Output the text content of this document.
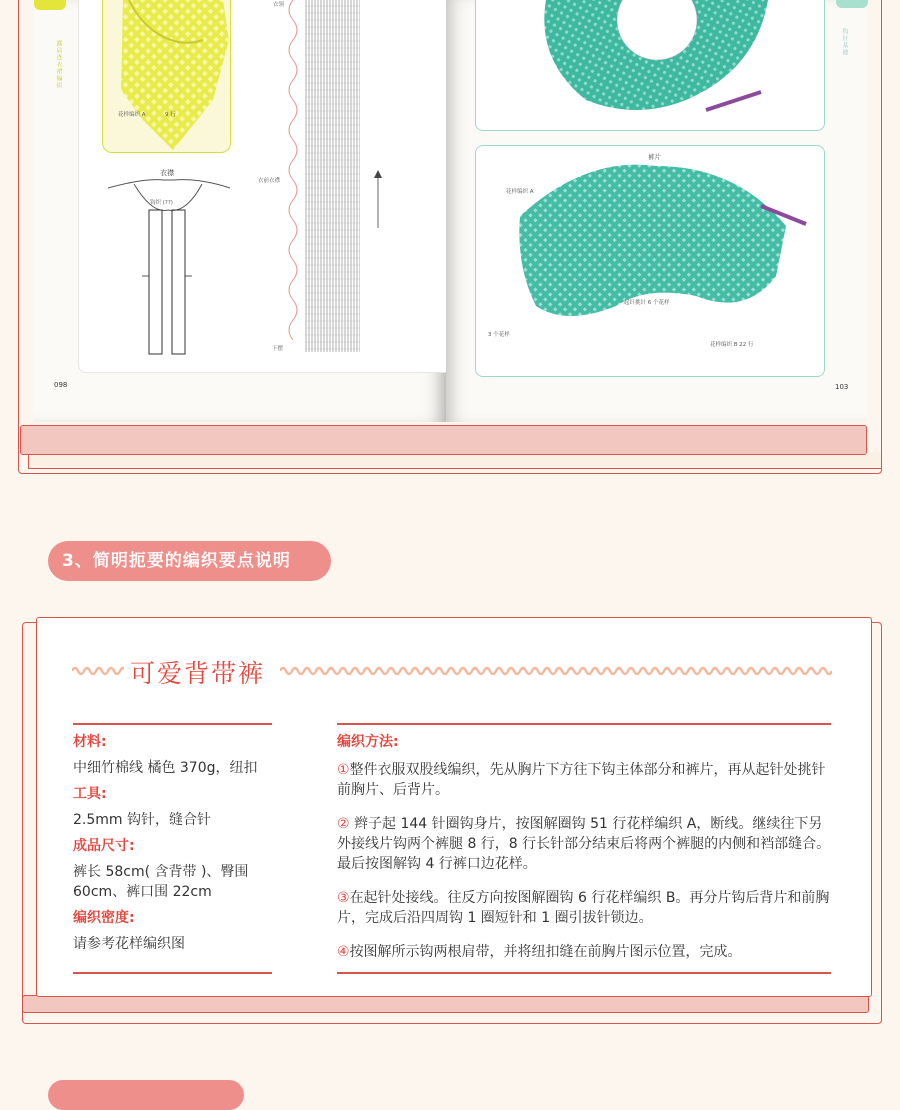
露肩连衣裙编织
098
花样编织 A	9 行
衣襟
钩织 (??)
衣领
衣前衣襟
下摆
钩针基础
103
裤片
花样编织 A
起针挑针 6 个花样
3 个花样
花样编织 B 22 行
3、简明扼要的编织要点说明
可爱背带裤
材料:
中细竹棉线 橘色 370g，纽扣
工具:
2.5mm 钩针，缝合针
成品尺寸:
裤长 58cm( 含背带 )、臀围 60cm、裤口围 22cm
编织密度:
请参考花样编织图
编织方法:
①整件衣服双股线编织，先从胸片下方往下钩主体部分和裤片，再从起针处挑针前胸片、后背片。
② 辫子起 144 针圈钩身片，按图解圈钩 51 行花样编织 A，断线。继续往下另外接线片钩两个裤腿 8 行，8 行长针部分结束后将两个裤腿的内侧和裆部缝合。最后按图解钩 4 行裤口边花样。
③在起针处接线。往反方向按图解圈钩 6 行花样编织 B。再分片钩后背片和前胸片，完成后沿四周钩 1 圈短针和 1 圈引拔针锁边。
④按图解所示钩两根肩带，并将纽扣缝在前胸片图示位置，完成。
